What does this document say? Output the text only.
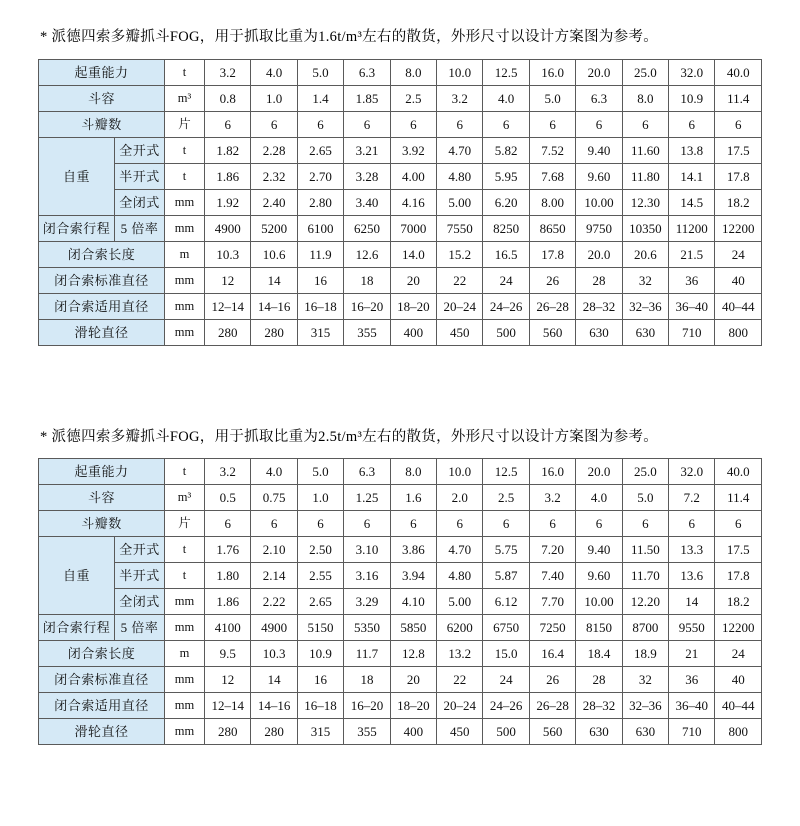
* 派德四索多瓣抓斗FOG，用于抓取比重为1.6t/m³左右的散货，外形尺寸以设计方案图为参考。
起重能力		t	3.2	4.0	5.0	6.3	8.0	10.0	12.5	16.0	20.0	25.0	32.0	40.0
斗容		m³	0.8	1.0	1.4	1.85	2.5	3.2	4.0	5.0	6.3	8.0	10.9	11.4
斗瓣数		片	6	6	6	6	6	6	6	6	6	6	6	6
自重	全开式	t	1.82	2.28	2.65	3.21	3.92	4.70	5.82	7.52	9.40	11.60	13.8	17.5
	半开式	t	1.86	2.32	2.70	3.28	4.00	4.80	5.95	7.68	9.60	11.80	14.1	17.8
	全闭式	mm	1.92	2.40	2.80	3.40	4.16	5.00	6.20	8.00	10.00	12.30	14.5	18.2
闭合索行程	5 倍率	mm	4900	5200	6100	6250	7000	7550	8250	8650	9750	10350	11200	12200
闭合索长度		m	10.3	10.6	11.9	12.6	14.0	15.2	16.5	17.8	20.0	20.6	21.5	24
闭合索标准直径		mm	12	14	16	18	20	22	24	26	28	32	36	40
闭合索适用直径		mm	12–14	14–16	16–18	16–20	18–20	20–24	24–26	26–28	28–32	32–36	36–40	40–44
滑轮直径		mm	280	280	315	355	400	450	500	560	630	630	710	800
* 派德四索多瓣抓斗FOG，用于抓取比重为2.5t/m³左右的散货，外形尺寸以设计方案图为参考。
起重能力		t	3.2	4.0	5.0	6.3	8.0	10.0	12.5	16.0	20.0	25.0	32.0	40.0
斗容		m³	0.5	0.75	1.0	1.25	1.6	2.0	2.5	3.2	4.0	5.0	7.2	11.4
斗瓣数		片	6	6	6	6	6	6	6	6	6	6	6	6
自重	全开式	t	1.76	2.10	2.50	3.10	3.86	4.70	5.75	7.20	9.40	11.50	13.3	17.5
	半开式	t	1.80	2.14	2.55	3.16	3.94	4.80	5.87	7.40	9.60	11.70	13.6	17.8
	全闭式	mm	1.86	2.22	2.65	3.29	4.10	5.00	6.12	7.70	10.00	12.20	14	18.2
闭合索行程	5 倍率	mm	4100	4900	5150	5350	5850	6200	6750	7250	8150	8700	9550	12200
闭合索长度		m	9.5	10.3	10.9	11.7	12.8	13.2	15.0	16.4	18.4	18.9	21	24
闭合索标准直径		mm	12	14	16	18	20	22	24	26	28	32	36	40
闭合索适用直径		mm	12–14	14–16	16–18	16–20	18–20	20–24	24–26	26–28	28–32	32–36	36–40	40–44
滑轮直径		mm	280	280	315	355	400	450	500	560	630	630	710	800
